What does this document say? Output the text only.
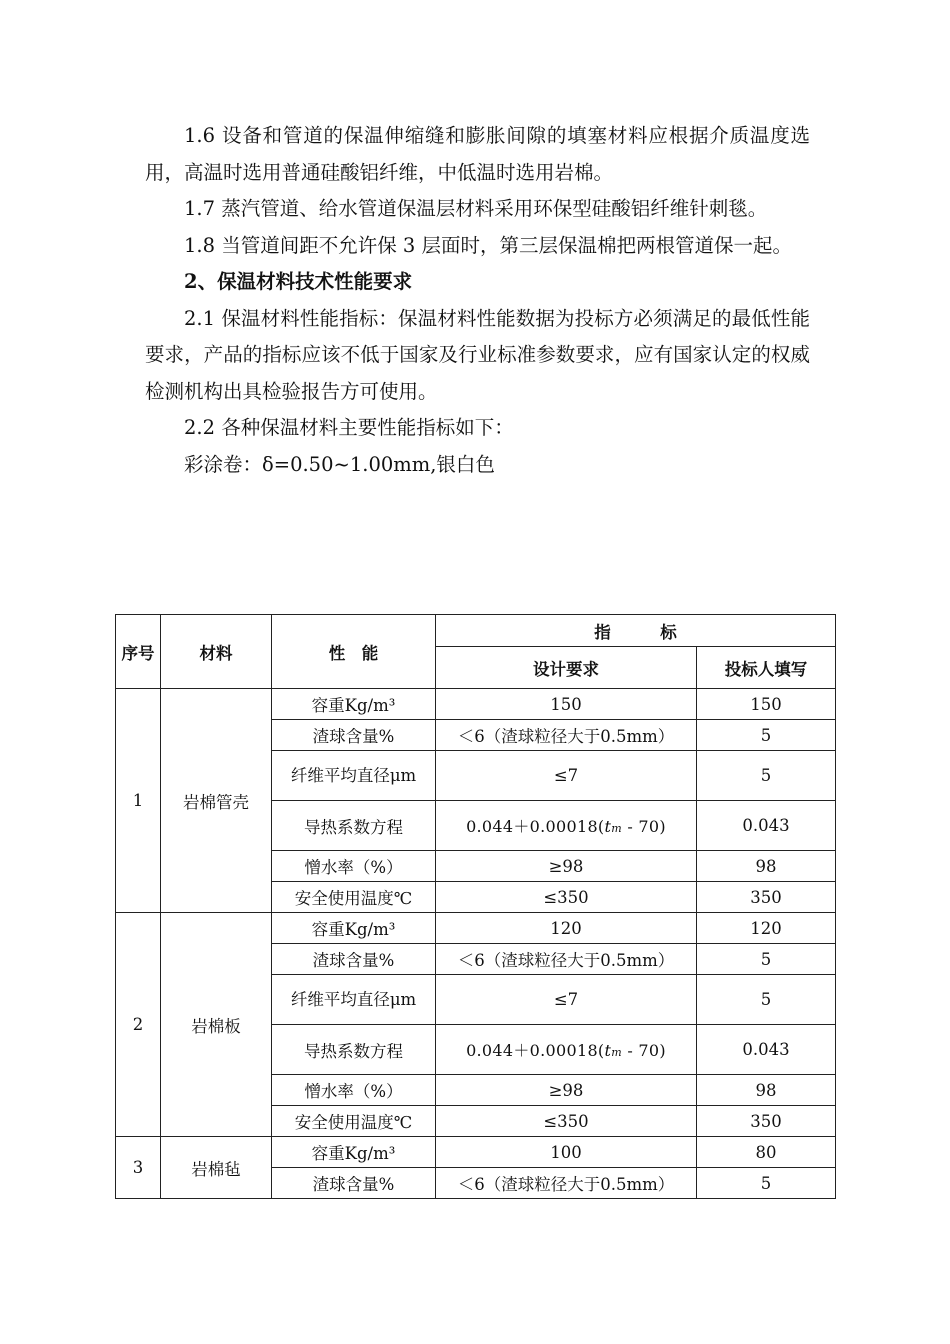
1.6 设备和管道的保温伸缩缝和膨胀间隙的填塞材料应根据介质温度选用，高温时选用普通硅酸铝纤维，中低温时选用岩棉。

1.7 蒸汽管道、给水管道保温层材料采用环保型硅酸铝纤维针刺毯。

1.8 当管道间距不允许保 3 层面时，第三层保温棉把两根管道保一起。

2、保温材料技术性能要求

2.1 保温材料性能指标：保温材料性能数据为投标方必须满足的最低性能要求，产品的指标应该不低于国家及行业标准参数要求，应有国家认定的权威检测机构出具检验报告方可使用。

2.2 各种保温材料主要性能指标如下：

彩涂卷：δ=0.50~1.00mm,银白色

序号	材料	性　能	指　　　标	
			设计要求	投标人填写
1	岩棉管壳	容重Kg/m³	150	150
		渣球含量%	＜6（渣球粒径大于0.5mm）	5
		纤维平均直径μm	≤7	5
		导热系数方程	0.044＋0.00018(tm - 70)	0.043
		憎水率（%）	≥98	98
		安全使用温度℃	≤350	350
2	岩棉板	容重Kg/m³	120	120
		渣球含量%	＜6（渣球粒径大于0.5mm）	5
		纤维平均直径μm	≤7	5
		导热系数方程	0.044＋0.00018(tm - 70)	0.043
		憎水率（%）	≥98	98
		安全使用温度℃	≤350	350
3	岩棉毡	容重Kg/m³	100	80
		渣球含量%	＜6（渣球粒径大于0.5mm）	5
